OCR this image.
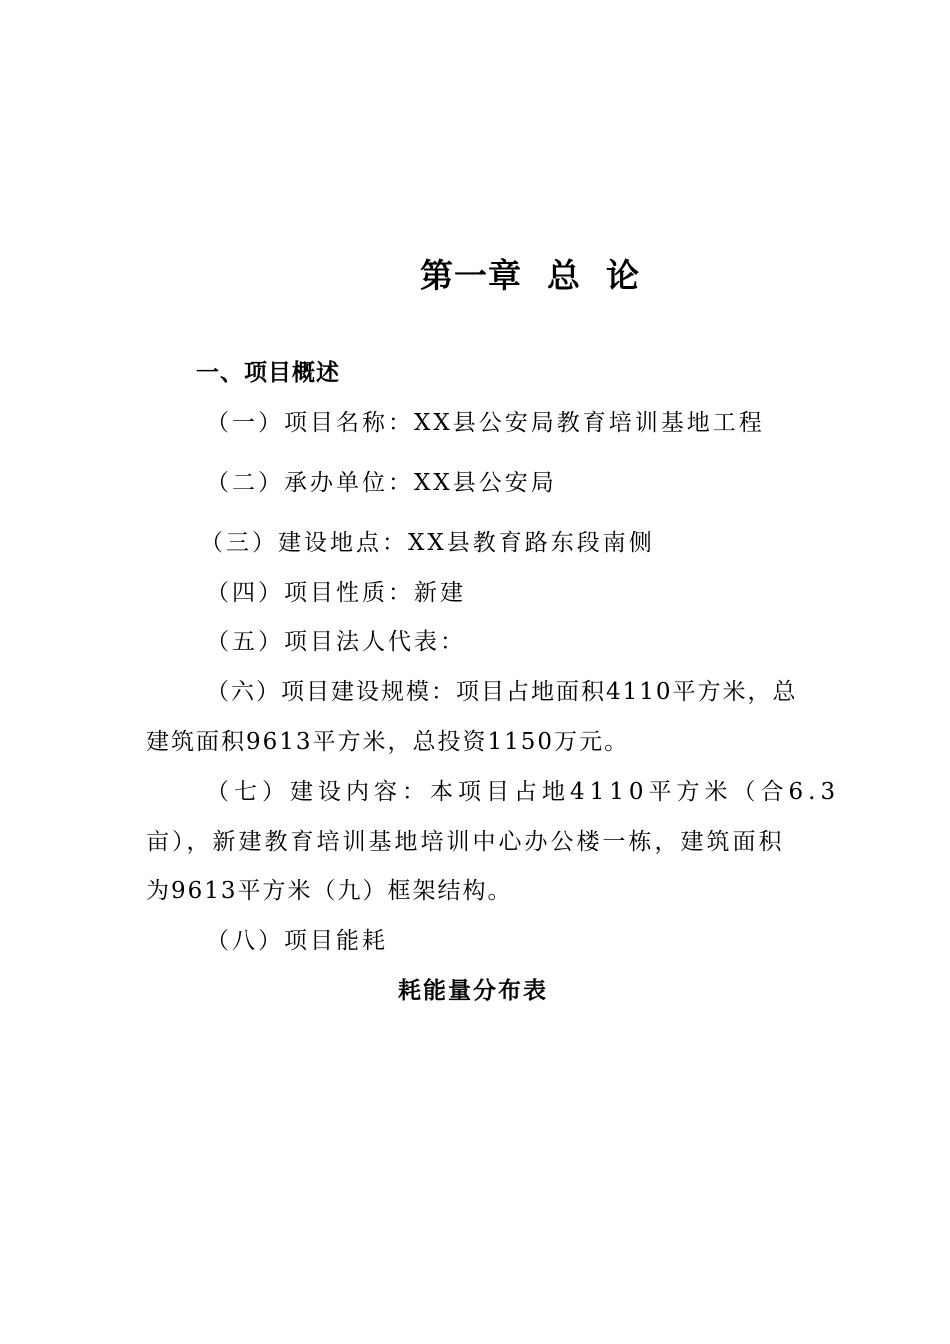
第一章  总  论
一、项目概述
（一）项目名称：XX县公安局教育培训基地工程
（二）承办单位：XX县公安局
（三）建设地点：XX县教育路东段南侧
（四）项目性质：新建
（五）项目法人代表：
（六）项目建设规模：项目占地面积4110平方米，总
建筑面积9613平方米，总投资1150万元。
（七）建设内容：本项目占地4110平方米（合6.3
亩），新建教育培训基地培训中心办公楼一栋，建筑面积
为9613平方米（九）框架结构。
（八）项目能耗
耗能量分布表
